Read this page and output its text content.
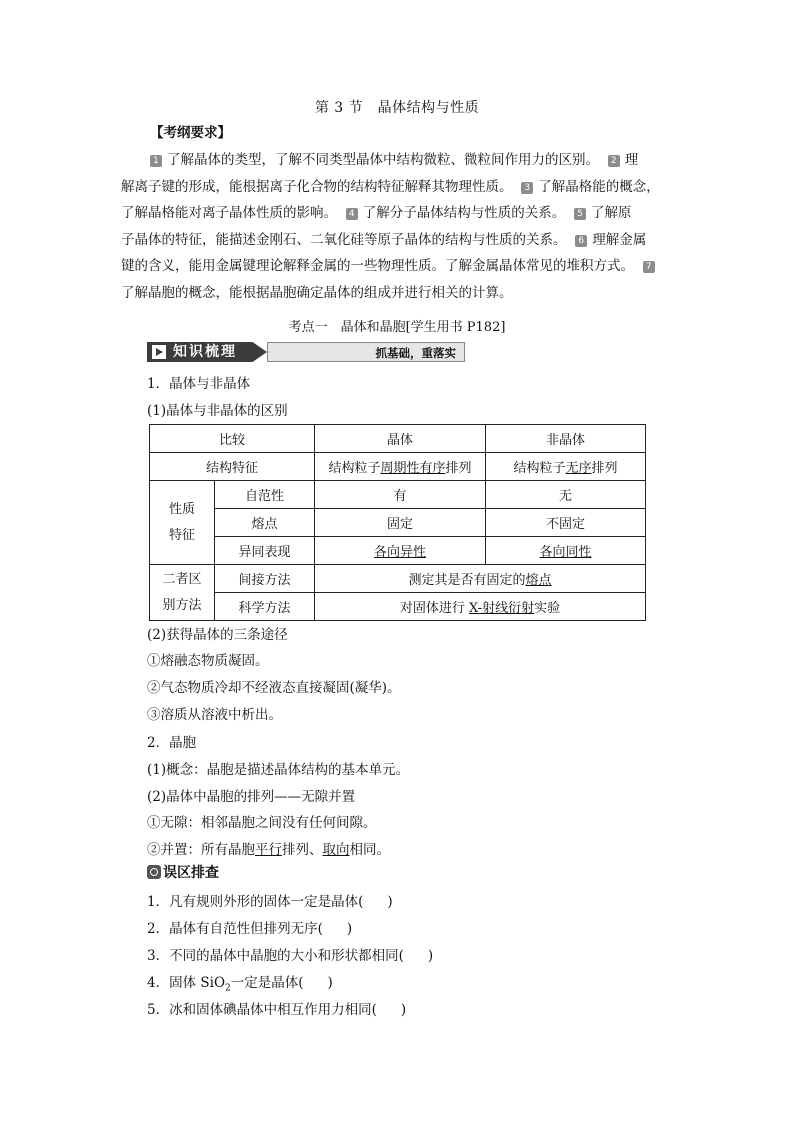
第 3 节　晶体结构与性质
【考纲要求】
1 了解晶体的类型，了解不同类型晶体中结构微粒、微粒间作用力的区别。　2 理
解离子键的形成，能根据离子化合物的结构特征解释其物理性质。　3 了解晶格能的概念，
了解晶格能对离子晶体性质的影响。　4 了解分子晶体结构与性质的关系。　5 了解原
子晶体的特征，能描述金刚石、二氧化硅等原子晶体的结构与性质的关系。　6 理解金属
键的含义，能用金属键理论解释金属的一些物理性质。了解金属晶体常见的堆积方式。　7
了解晶胞的概念，能根据晶胞确定晶体的组成并进行相关的计算。
考点一　晶体和晶胞[学生用书 P182]
知识梳理	抓基础，重落实
1．晶体与非晶体
(1)晶体与非晶体的区别
比较		晶体	非晶体
结构特征		结构粒子周期性有序排列	结构粒子无序排列
性质
特征	自范性	有	无
	熔点	固定	不固定
	异同表现	各向异性	各向同性
二者区
别方法	间接方法	测定其是否有固定的熔点	
	科学方法	对固体进行 X-射线衍射实验	
(2)获得晶体的三条途径
①熔融态物质凝固。
②气态物质冷却不经液态直接凝固(凝华)。
③溶质从溶液中析出。
2．晶胞
(1)概念：晶胞是描述晶体结构的基本单元。
(2)晶体中晶胞的排列——无隙并置
①无隙：相邻晶胞之间没有任何间隙。
②并置：所有晶胞平行排列、取向相同。
误区排查
1．凡有规则外形的固体一定是晶体( )
2．晶体有自范性但排列无序( )
3．不同的晶体中晶胞的大小和形状都相同( )
4．固体 SiO$_2$一定是晶体( )
5．冰和固体碘晶体中相互作用力相同( )
